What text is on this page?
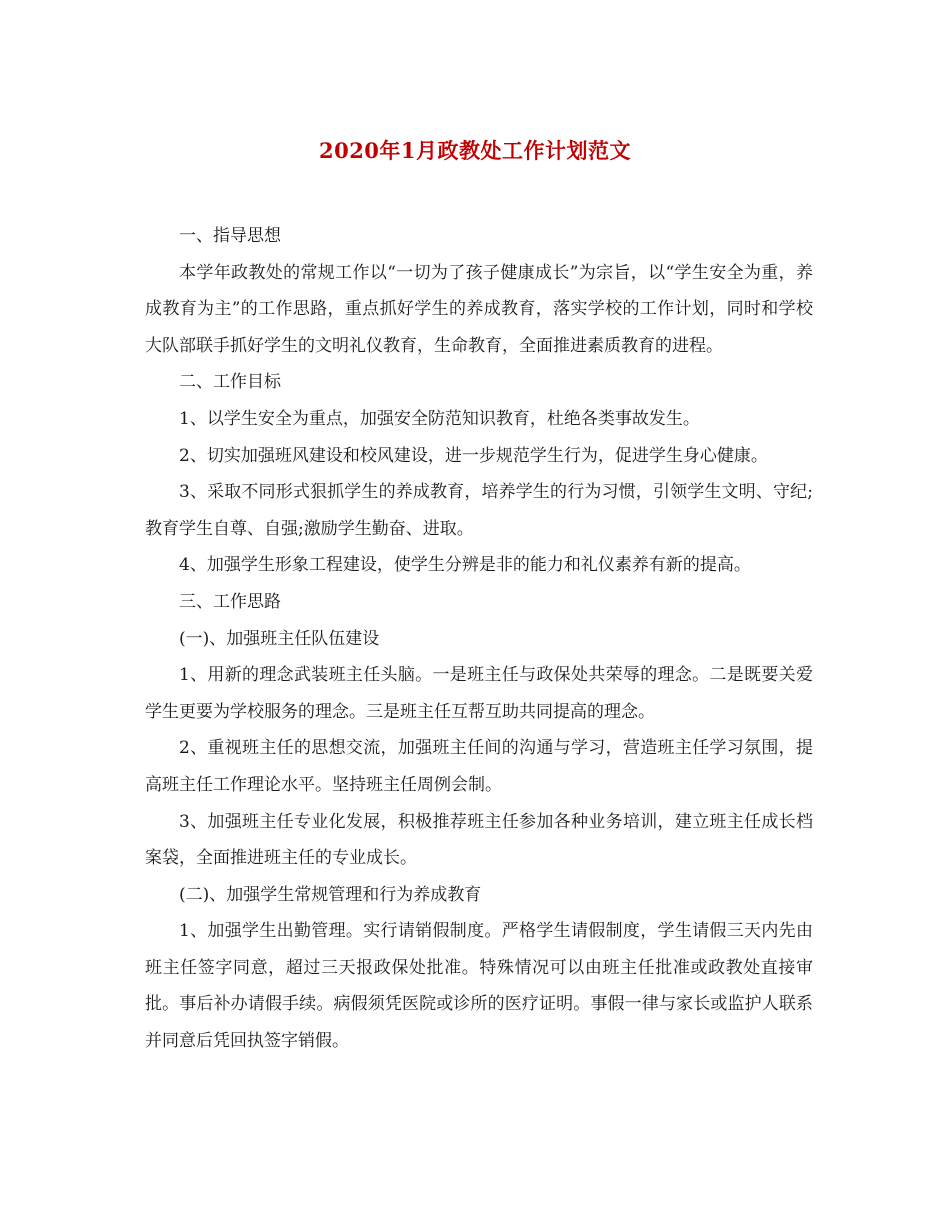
2020年1月政教处工作计划范文

一、指导思想

本学年政教处的常规工作以“一切为了孩子健康成长”为宗旨，以“学生安全为重，养成教育为主”的工作思路，重点抓好学生的养成教育，落实学校的工作计划，同时和学校大队部联手抓好学生的文明礼仪教育，生命教育，全面推进素质教育的进程。

二、工作目标

1、以学生安全为重点，加强安全防范知识教育，杜绝各类事故发生。

2、切实加强班风建设和校风建设，进一步规范学生行为，促进学生身心健康。

3、采取不同形式狠抓学生的养成教育，培养学生的行为习惯，引领学生文明、守纪;教育学生自尊、自强;激励学生勤奋、进取。

4、加强学生形象工程建设，使学生分辨是非的能力和礼仪素养有新的提高。

三、工作思路

(一)、加强班主任队伍建设

1、用新的理念武装班主任头脑。一是班主任与政保处共荣辱的理念。二是既要关爱学生更要为学校服务的理念。三是班主任互帮互助共同提高的理念。

2、重视班主任的思想交流，加强班主任间的沟通与学习，营造班主任学习氛围，提高班主任工作理论水平。坚持班主任周例会制。

3、加强班主任专业化发展，积极推荐班主任参加各种业务培训，建立班主任成长档案袋，全面推进班主任的专业成长。

(二)、加强学生常规管理和行为养成教育

1、加强学生出勤管理。实行请销假制度。严格学生请假制度，学生请假三天内先由班主任签字同意，超过三天报政保处批准。特殊情况可以由班主任批准或政教处直接审批。事后补办请假手续。病假须凭医院或诊所的医疗证明。事假一律与家长或监护人联系并同意后凭回执签字销假。
